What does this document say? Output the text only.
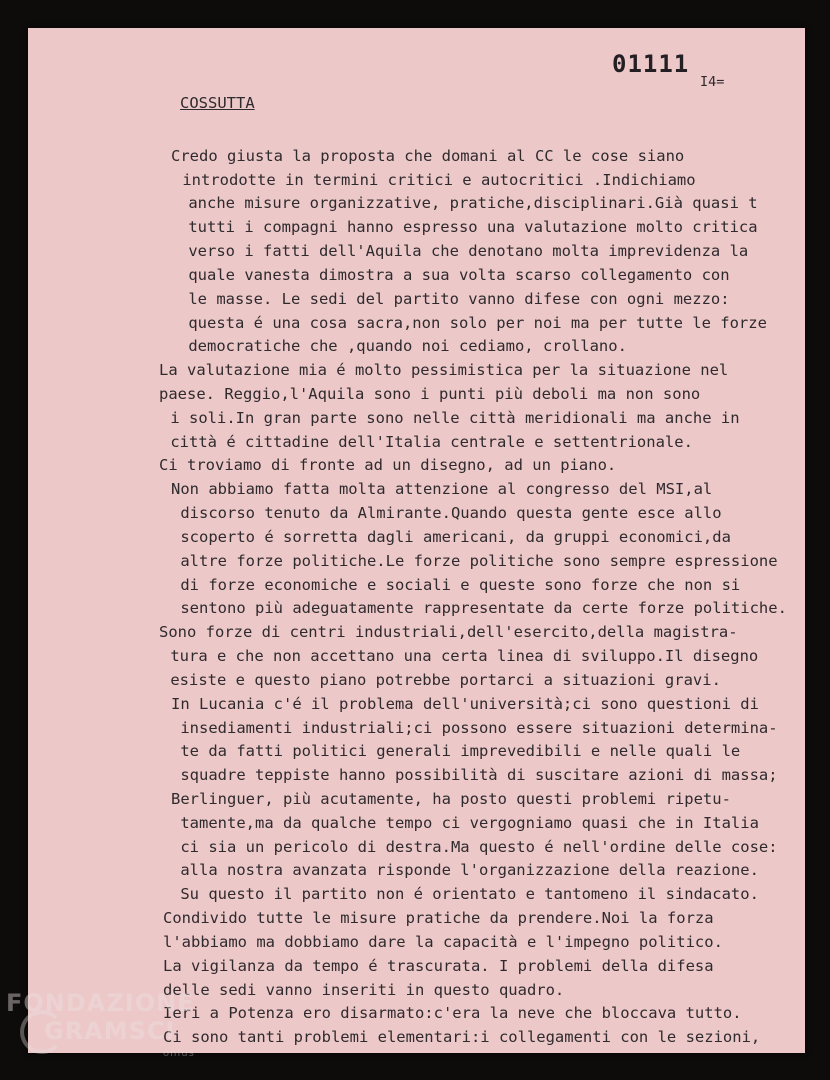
01111
I4=
COSSUTTA
Credo giusta la proposta che domani al CC le cose siano
introdotte in termini critici e autocritici .Indichiamo
anche misure organizzative, pratiche,disciplinari.Già quasi t
tutti i compagni hanno espresso una valutazione molto critica
verso i fatti dell'Aquila che denotano molta imprevidenza la
quale vanesta dimostra a sua volta scarso collegamento con
le masse. Le sedi del partito vanno difese con ogni mezzo:
questa é una cosa sacra,non solo per noi ma per tutte le forze
democratiche che ,quando noi cediamo, crollano.
La valutazione mia é molto pessimistica per la situazione nel
paese. Reggio,l'Aquila sono i punti più deboli ma non sono
i soli.In gran parte sono nelle città meridionali ma anche in
città é cittadine dell'Italia centrale e settentrionale.
Ci troviamo di fronte ad un disegno, ad un piano.
Non abbiamo fatta molta attenzione al congresso del MSI,al
discorso tenuto da Almirante.Quando questa gente esce allo
scoperto é sorretta dagli americani, da gruppi economici,da
altre forze politiche.Le forze politiche sono sempre espressione
di forze economiche e sociali e queste sono forze che non si
sentono più adeguatamente rappresentate da certe forze politiche.
Sono forze di centri industriali,dell'esercito,della magistra-
tura e che non accettano una certa linea di sviluppo.Il disegno
esiste e questo piano potrebbe portarci a situazioni gravi.
In Lucania c'é il problema dell'università;ci sono questioni di
insediamenti industriali;ci possono essere situazioni determina-
te da fatti politici generali imprevedibili e nelle quali le
squadre teppiste hanno possibilità di suscitare azioni di massa;
Berlinguer, più acutamente, ha posto questi problemi ripetu-
tamente,ma da qualche tempo ci vergogniamo quasi che in Italia
ci sia un pericolo di destra.Ma questo é nell'ordine delle cose:
alla nostra avanzata risponde l'organizzazione della reazione.
Su questo il partito non é orientato e tantomeno il sindacato.
Condivido tutte le misure pratiche da prendere.Noi la forza
l'abbiamo ma dobbiamo dare la capacità e l'impegno politico.
La vigilanza da tempo é trascurata. I problemi della difesa
delle sedi vanno inseriti in questo quadro.
Ieri a Potenza ero disarmato:c'era la neve che bloccava tutto.
Ci sono tanti problemi elementari:i collegamenti con le sezioni,
FONDAZIONE
GRAMSCI
onlus
